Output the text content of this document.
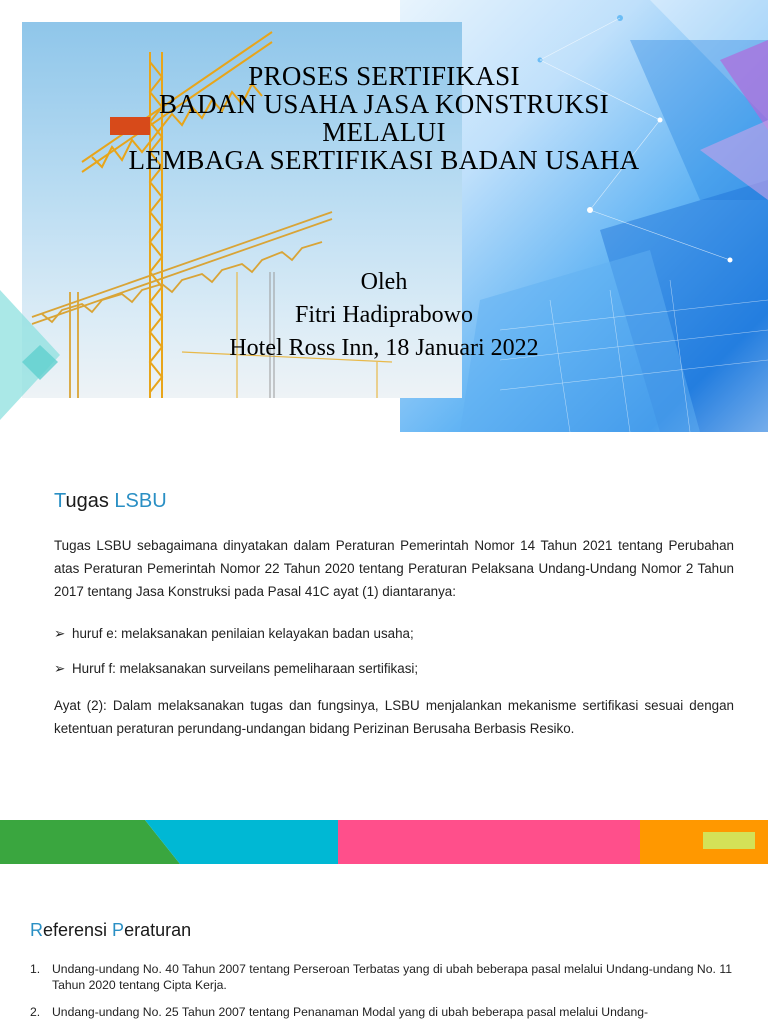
PROSES SERTIFIKASI
BADAN USAHA JASA KONSTRUKSI
MELALUI
LEMBAGA SERTIFIKASI BADAN USAHA
Oleh
Fitri Hadiprabowo
Hotel Ross Inn, 18 Januari 2022
Tugas LSBU
Tugas LSBU sebagaimana dinyatakan dalam Peraturan Pemerintah Nomor 14 Tahun 2021 tentang Perubahan atas Peraturan Pemerintah Nomor 22 Tahun 2020 tentang Peraturan Pelaksana Undang-Undang Nomor 2 Tahun 2017 tentang Jasa Konstruksi pada Pasal 41C ayat (1) diantaranya:
➢ huruf e: melaksanakan penilaian kelayakan badan usaha;
➢ Huruf f: melaksanakan surveilans pemeliharaan sertifikasi;
Ayat (2): Dalam melaksanakan tugas dan fungsinya, LSBU menjalankan mekanisme sertifikasi sesuai dengan ketentuan peraturan perundang-undangan bidang Perizinan Berusaha Berbasis Resiko.
Referensi Peraturan
1. Undang-undang No. 40 Tahun 2007 tentang Perseroan Terbatas yang di ubah beberapa pasal melalui Undang-undang No. 11 Tahun 2020 tentang Cipta Kerja.
2. Undang-undang No. 25 Tahun 2007 tentang Penanaman Modal yang di ubah beberapa pasal melalui Undang-
